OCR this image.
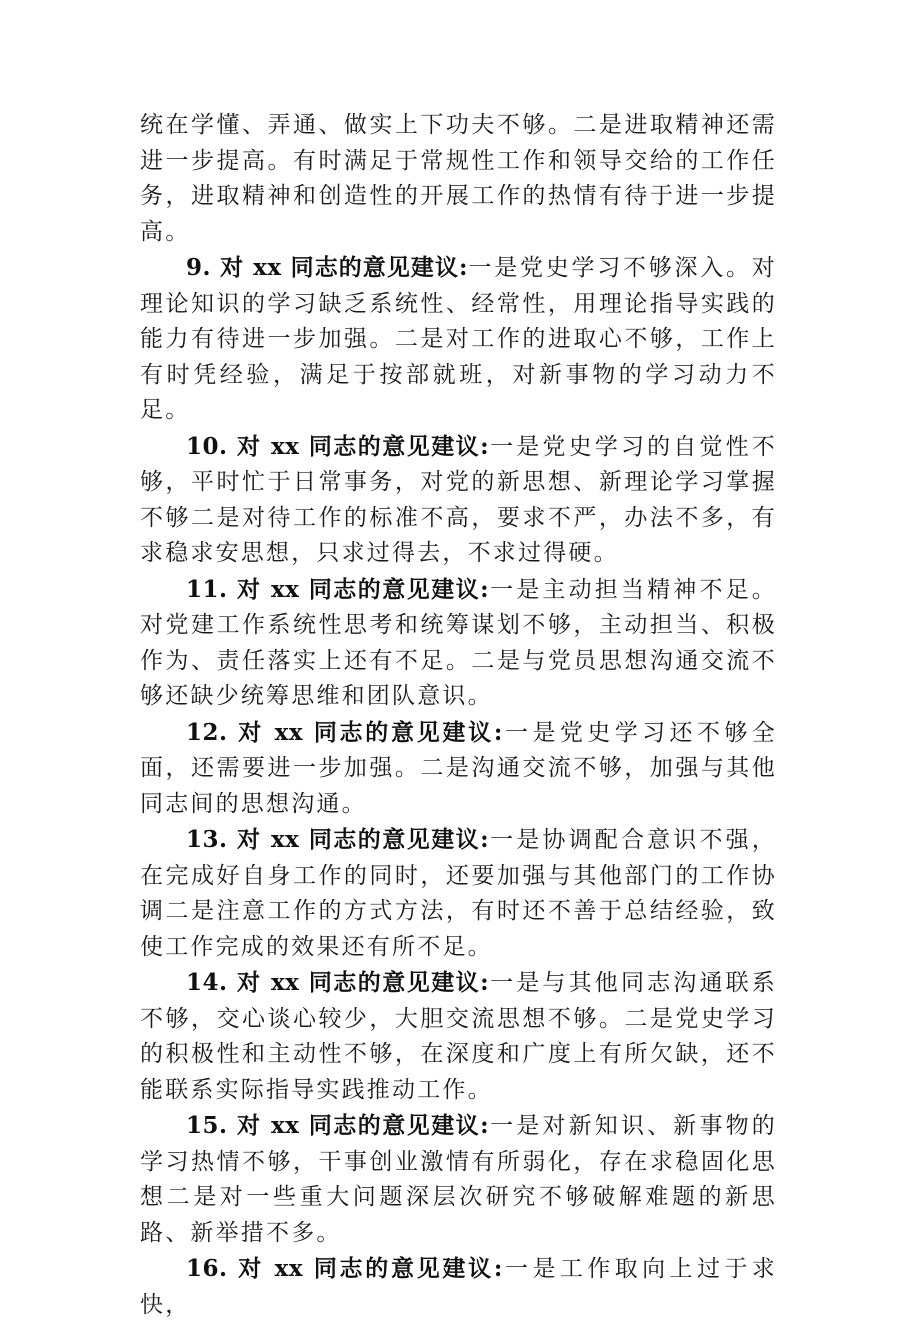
统在学懂、弄通、做实上下功夫不够。二是进取精神还需进一步提高。有时满足于常规性工作和领导交给的工作任务，进取精神和创造性的开展工作的热情有待于进一步提高。

9. 对 xx 同志的意见建议:一是党史学习不够深入。对理论知识的学习缺乏系统性、经常性，用理论指导实践的能力有待进一步加强。二是对工作的进取心不够，工作上有时凭经验，满足于按部就班，对新事物的学习动力不足。

10. 对 xx 同志的意见建议:一是党史学习的自觉性不够，平时忙于日常事务，对党的新思想、新理论学习掌握不够二是对待工作的标准不高，要求不严，办法不多，有求稳求安思想，只求过得去，不求过得硬。

11. 对 xx 同志的意见建议:一是主动担当精神不足。对党建工作系统性思考和统筹谋划不够，主动担当、积极作为、责任落实上还有不足。二是与党员思想沟通交流不够还缺少统筹思维和团队意识。

12. 对 xx 同志的意见建议:一是党史学习还不够全面，还需要进一步加强。二是沟通交流不够，加强与其他同志间的思想沟通。

13. 对 xx 同志的意见建议:一是协调配合意识不强，在完成好自身工作的同时，还要加强与其他部门的工作协调二是注意工作的方式方法，有时还不善于总结经验，致使工作完成的效果还有所不足。

14. 对 xx 同志的意见建议:一是与其他同志沟通联系不够，交心谈心较少，大胆交流思想不够。二是党史学习的积极性和主动性不够，在深度和广度上有所欠缺，还不能联系实际指导实践推动工作。

15. 对 xx 同志的意见建议:一是对新知识、新事物的学习热情不够，干事创业激情有所弱化，存在求稳固化思想二是对一些重大问题深层次研究不够破解难题的新思路、新举措不多。

16. 对 xx 同志的意见建议:一是工作取向上过于求快，
